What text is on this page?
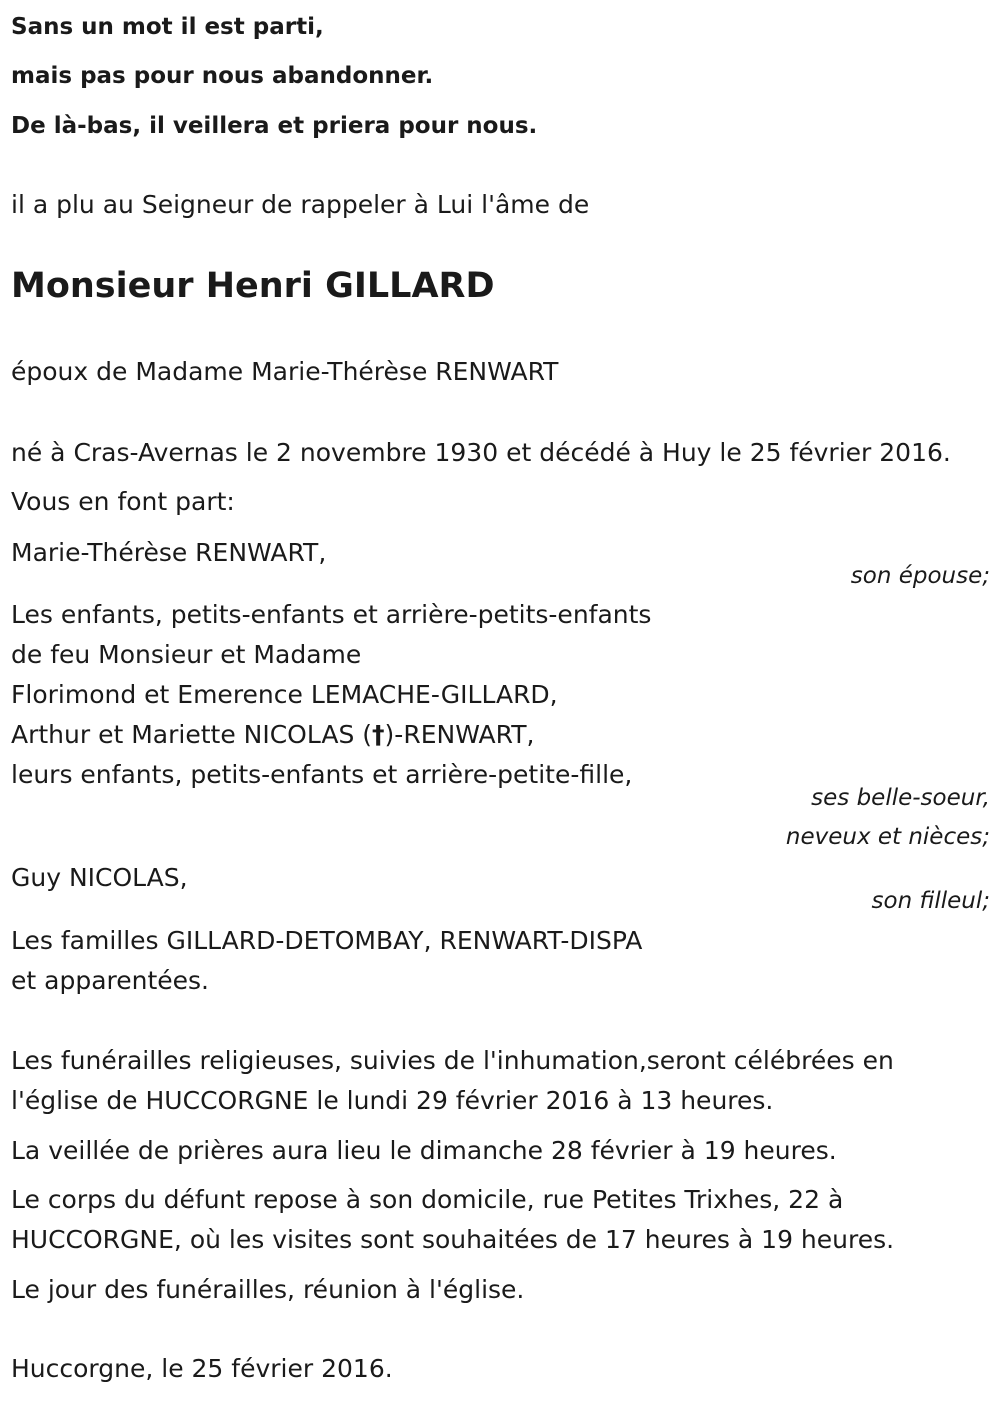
Sans un mot il est parti,
mais pas pour nous abandonner.
De là-bas, il veillera et priera pour nous.
il a plu au Seigneur de rappeler à Lui l'âme de
Monsieur Henri GILLARD
époux de Madame Marie-Thérèse RENWART
né à Cras-Avernas le 2 novembre 1930 et décédé à Huy le 25 février 2016.
Vous en font part:
Marie-Thérèse RENWART,
son épouse;
Les enfants, petits-enfants et arrière-petits-enfants
de feu Monsieur et Madame
Florimond et Emerence LEMACHE-GILLARD,
Arthur et Mariette NICOLAS (†)-RENWART,
leurs enfants, petits-enfants et arrière-petite-fille,
ses belle-soeur,
neveux et nièces;
Guy NICOLAS,
son filleul;
Les familles GILLARD-DETOMBAY, RENWART-DISPA
et apparentées.
Les funérailles religieuses, suivies de l'inhumation,seront célébrées en
l'église de HUCCORGNE le lundi 29 février 2016 à 13 heures.
La veillée de prières aura lieu le dimanche 28 février à 19 heures.
Le corps du défunt repose à son domicile, rue Petites Trixhes, 22 à
HUCCORGNE, où les visites sont souhaitées de 17 heures à 19 heures.
Le jour des funérailles, réunion à l'église.
Huccorgne, le 25 février 2016.
